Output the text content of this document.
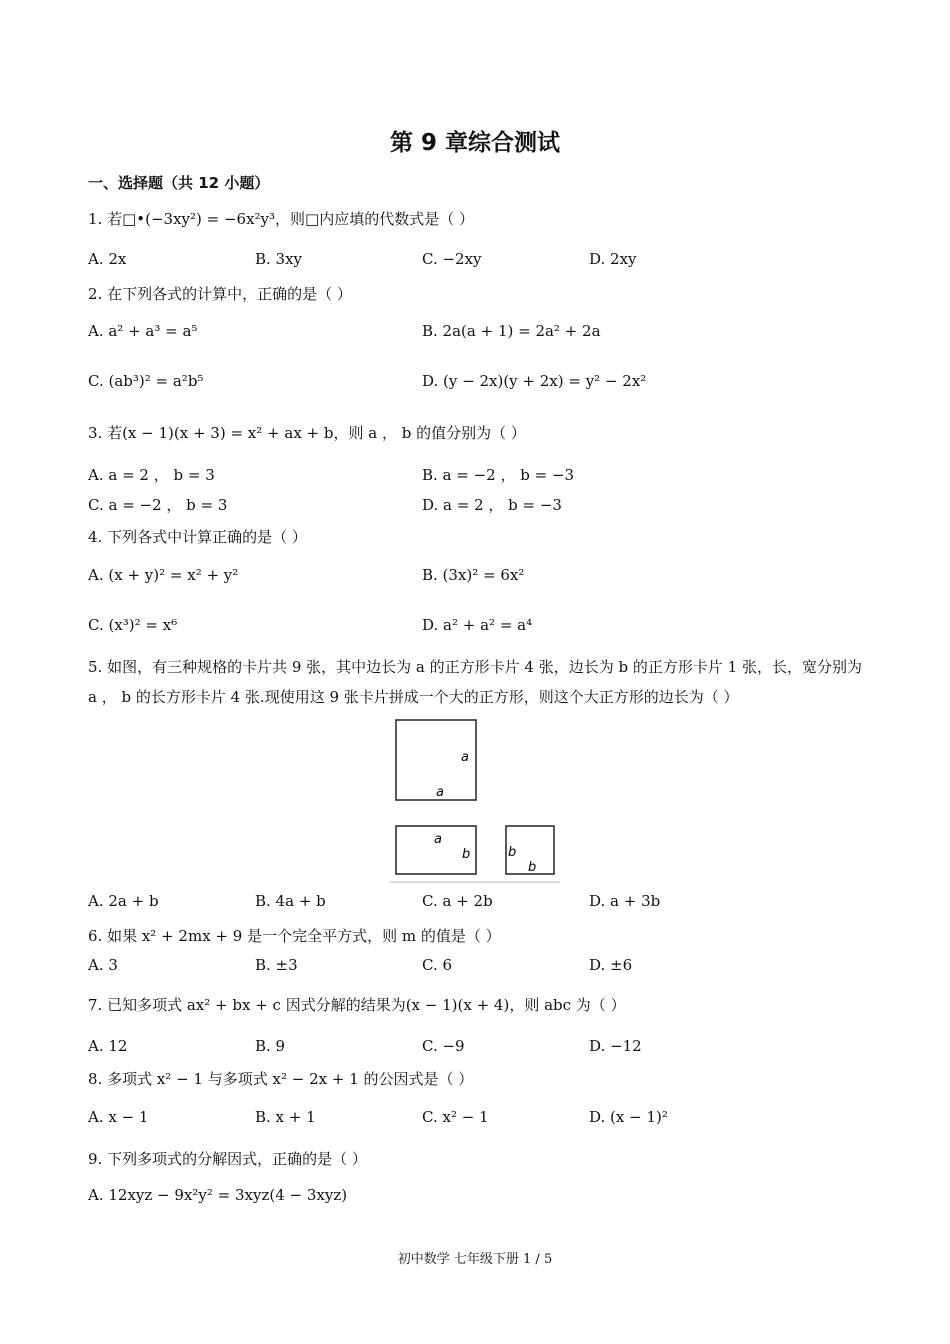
第 9 章综合测试
一、选择题（共 12 小题）
1. 若□•(−3xy²) = −6x²y³，则□内应填的代数式是（ ）
A. 2x	B. 3xy	C. −2xy	D. 2xy
2. 在下列各式的计算中，正确的是（ ）
A. a² + a³ = a⁵	B. 2a(a + 1) = 2a² + 2a
C. (ab³)² = a²b⁵	D. (y − 2x)(y + 2x) = y² − 2x²
3. 若(x − 1)(x + 3) = x² + ax + b，则 a ， b 的值分别为（ ）
A. a = 2 ， b = 3	B. a = −2 ， b = −3
C. a = −2 ， b = 3	D. a = 2 ， b = −3
4. 下列各式中计算正确的是（ ）
A. (x + y)² = x² + y²	B. (3x)² = 6x²
C. (x³)² = x⁶	D. a² + a² = a⁴
5. 如图，有三种规格的卡片共 9 张，其中边长为 a 的正方形卡片 4 张，边长为 b 的正方形卡片 1 张，长，宽分别为 a ， b 的长方形卡片 4 张.现使用这 9 张卡片拼成一个大的正方形，则这个大正方形的边长为（ ）
a
a
a
b	b
b
A. 2a + b	B. 4a + b	C. a + 2b	D. a + 3b
6. 如果 x² + 2mx + 9 是一个完全平方式，则 m 的值是（ ）
A. 3	B. ±3	C. 6	D. ±6
7. 已知多项式 ax² + bx + c 因式分解的结果为(x − 1)(x + 4)，则 abc 为（ ）
A. 12	B. 9	C. −9	D. −12
8. 多项式 x² − 1 与多项式 x² − 2x + 1 的公因式是（ ）
A. x − 1	B. x + 1	C. x² − 1	D. (x − 1)²
9. 下列多项式的分解因式，正确的是（ ）
A. 12xyz − 9x²y² = 3xyz(4 − 3xyz)
初中数学 七年级下册 1 / 5
